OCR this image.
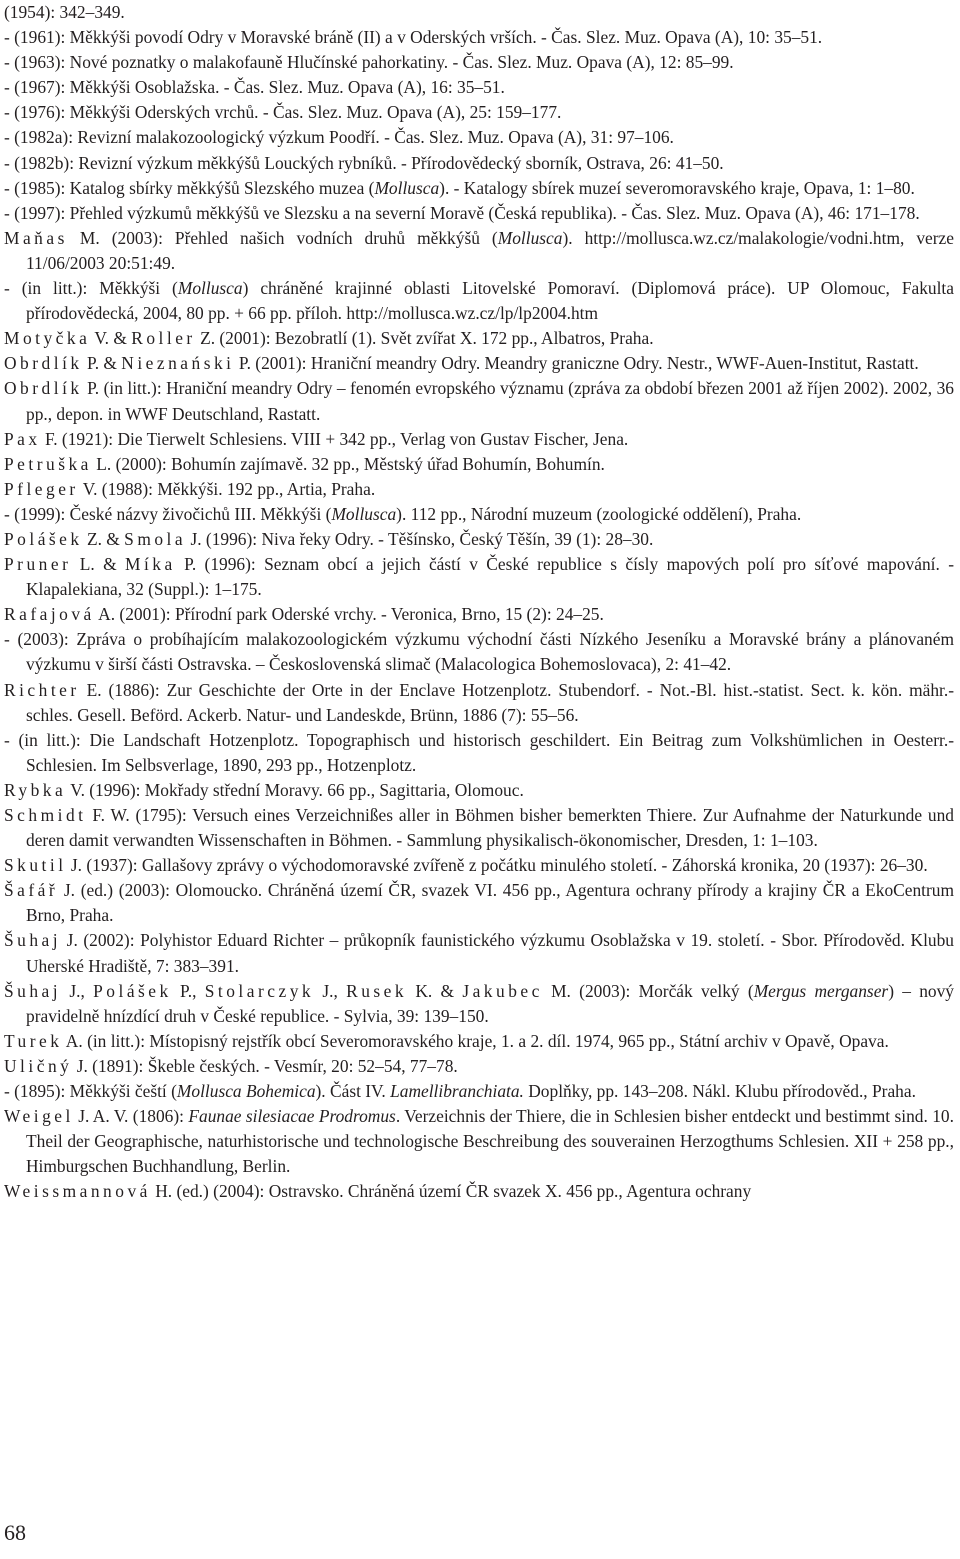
(1954): 342–349.
- (1961): Měkkýši povodí Odry v Moravské bráně (II) a v Oderských vrších. - Čas. Slez. Muz. Opava (A), 10: 35–51.
- (1963): Nové poznatky o malakofauně Hlučínské pahorkatiny. - Čas. Slez. Muz. Opava (A), 12: 85–99.
- (1967): Měkkýši Osoblažska. - Čas. Slez. Muz. Opava (A), 16: 35–51.
- (1976): Měkkýši Oderských vrchů. - Čas. Slez. Muz. Opava (A), 25: 159–177.
- (1982a): Revizní malakozoologický výzkum Poodří. - Čas. Slez. Muz. Opava (A), 31: 97–106.
- (1982b): Revizní výzkum měkkýšů Louckých rybníků. - Přírodovědecký sborník, Ostrava, 26: 41–50.
- (1985): Katalog sbírky měkkýšů Slezského muzea (Mollusca). - Katalogy sbírek muzeí severomoravského kraje, Opava, 1: 1–80.
- (1997): Přehled výzkumů měkkýšů ve Slezsku a na severní Moravě (Česká republika). - Čas. Slez. Muz. Opava (A), 46: 171–178.
Maňas M. (2003): Přehled našich vodních druhů měkkýšů (Mollusca). http://mollusca.wz.cz/malakologie/vodni.htm, verze 11/06/2003 20:51:49.
- (in litt.): Měkkýši (Mollusca) chráněné krajinné oblasti Litovelské Pomoraví. (Diplomová práce). UP Olomouc, Fakulta přírodovědecká, 2004, 80 pp. + 66 pp. příloh. http://mollusca.wz.cz/lp/lp2004.htm
Motyčka V. & Roller Z. (2001): Bezobratlí (1). Svět zvířat X. 172 pp., Albatros, Praha.
Obrdlík P. & Nieznański P. (2001): Hraniční meandry Odry. Meandry graniczne Odry. Nestr., WWF-Auen-Institut, Rastatt.
Obrdlík P. (in litt.): Hraniční meandry Odry – fenomén evropského významu (zpráva za období březen 2001 až říjen 2002). 2002, 36 pp., depon. in WWF Deutschland, Rastatt.
Pax F. (1921): Die Tierwelt Schlesiens. VIII + 342 pp., Verlag von Gustav Fischer, Jena.
Petruška L. (2000): Bohumín zajímavě. 32 pp., Městský úřad Bohumín, Bohumín.
Pfleger V. (1988): Měkkýši. 192 pp., Artia, Praha.
- (1999): České názvy živočichů III. Měkkýši (Mollusca). 112 pp., Národní muzeum (zoologické oddělení), Praha.
Polášek Z. & Smola J. (1996): Niva řeky Odry. - Těšínsko, Český Těšín, 39 (1): 28–30.
Pruner L. & Míka P. (1996): Seznam obcí a jejich částí v České republice s čísly mapových polí pro síťové mapování. - Klapalekiana, 32 (Suppl.): 1–175.
Rafajová A. (2001): Přírodní park Oderské vrchy. - Veronica, Brno, 15 (2): 24–25.
- (2003): Zpráva o probíhajícím malakozoologickém výzkumu východní části Nízkého Jeseníku a Moravské brány a plánovaném výzkumu v širší části Ostravska. – Československá slimač (Malacologica Bohemoslovaca), 2: 41–42.
Richter E. (1886): Zur Geschichte der Orte in der Enclave Hotzenplotz. Stubendorf. - Not.-Bl. hist.-statist. Sect. k. kön. mähr.-schles. Gesell. Beförd. Ackerb. Natur- und Landeskde, Brünn, 1886 (7): 55–56.
- (in litt.): Die Landschaft Hotzenplotz. Topographisch und historisch geschildert. Ein Beitrag zum Volkshümlichen in Oesterr.-Schlesien. Im Selbsverlage, 1890, 293 pp., Hotzenplotz.
Rybka V. (1996): Mokřady střední Moravy. 66 pp., Sagittaria, Olomouc.
Schmidt F. W. (1795): Versuch eines Verzeichnißes aller in Böhmen bisher bemerkten Thiere. Zur Aufnahme der Naturkunde und deren damit verwandten Wissenschaften in Böhmen. - Sammlung physikalisch-ökonomischer, Dresden, 1: 1–103.
Skutil J. (1937): Gallašovy zprávy o východomoravské zvířeně z počátku minulého století. - Záhorská kronika, 20 (1937): 26–30.
Šafář J. (ed.) (2003): Olomoucko. Chráněná území ČR, svazek VI. 456 pp., Agentura ochrany přírody a krajiny ČR a EkoCentrum Brno, Praha.
Šuhaj J. (2002): Polyhistor Eduard Richter – průkopník faunistického výzkumu Osoblažska v 19. století. - Sbor. Přírodověd. Klubu Uherské Hradiště, 7: 383–391.
Šuhaj J., Polášek P., Stolarczyk J., Rusek K. & Jakubec M. (2003): Morčák velký (Mergus merganser) – nový pravidelně hnízdící druh v České republice. - Sylvia, 39: 139–150.
Turek A. (in litt.): Místopisný rejstřík obcí Severomoravského kraje, 1. a 2. díl. 1974, 965 pp., Státní archiv v Opavě, Opava.
Uličný J. (1891): Škeble českých. - Vesmír, 20: 52–54, 77–78.
- (1895): Měkkýši čeští (Mollusca Bohemica). Část IV. Lamellibranchiata. Doplňky, pp. 143–208. Nákl. Klubu přírodověd., Praha.
Weigel J. A. V. (1806): Faunae silesiacae Prodromus. Verzeichnis der Thiere, die in Schlesien bisher entdeckt und bestimmt sind. 10. Theil der Geographische, naturhistorische und technologische Beschreibung des souverainen Herzogthums Schlesien. XII + 258 pp., Himburgschen Buchhandlung, Berlin.
Weissmannová H. (ed.) (2004): Ostravsko. Chráněná území ČR svazek X. 456 pp., Agentura ochrany
68
